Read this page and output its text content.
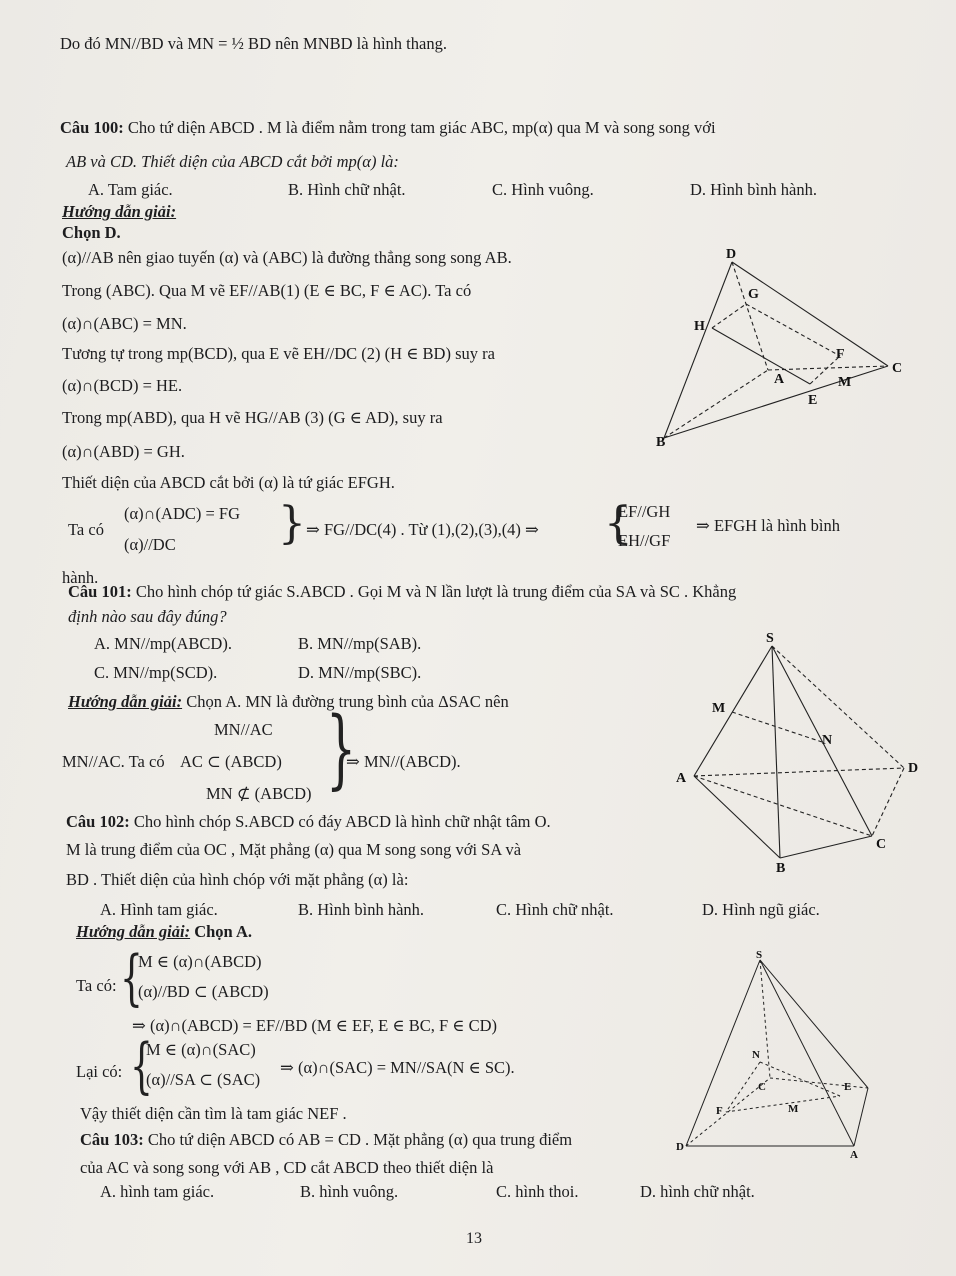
Do đó MN//BD và MN = ½ BD nên MNBD là hình thang.
Câu 100: Cho tứ diện ABCD . M là điểm nằm trong tam giác ABC, mp(α) qua M và song song với
AB và CD. Thiết diện của ABCD cắt bởi mp(α) là:
A. Tam giác.	B. Hình chữ nhật.	C. Hình vuông.	D. Hình bình hành.
Hướng dẫn giải:
Chọn D.
(α)//AB nên giao tuyến (α) và (ABC) là đường thẳng song song AB.
Trong (ABC). Qua M vẽ EF//AB(1) (E ∈ BC, F ∈ AC). Ta có
(α)∩(ABC) = MN.
Tương tự trong mp(BCD), qua E vẽ EH//DC (2) (H ∈ BD) suy ra
(α)∩(BCD) = HE.
Trong mp(ABD), qua H vẽ HG//AB (3) (G ∈ AD), suy ra
(α)∩(ABD) = GH.
Thiết diện của ABCD cắt bởi (α) là tứ giác EFGH.
Ta có
(α)∩(ADC) = FG
(α)//DC } ⇒ FG//DC(4) . Từ (1),(2),(3),(4) ⇒ {
EF//GH
EH//GF
⇒ EFGH là hình bình
hành.
D
G
H
F
A	M
C
E
B
Câu 101: Cho hình chóp tứ giác S.ABCD . Gọi M và N lần lượt là trung điểm của SA và SC . Khẳng
định nào sau đây đúng?
A. MN//mp(ABCD).	B. MN//mp(SAB).
C. MN//mp(SCD).	D. MN//mp(SBC).
Hướng dẫn giải: Chọn A. MN là đường trung bình của ΔSAC nên
MN//AC. Ta có
MN//AC
AC ⊂ (ABCD)
MN ⊄ (ABCD) }
⇒ MN//(ABCD).
S
M
N
A
D
C
B
Câu 102: Cho hình chóp S.ABCD có đáy ABCD là hình chữ nhật tâm O.
M là trung điểm của OC , Mặt phẳng (α) qua M song song với SA và
BD . Thiết diện của hình chóp với mặt phẳng (α) là:
A. Hình tam giác.	B. Hình bình hành.	C. Hình chữ nhật.	D. Hình ngũ giác.
Hướng dẫn giải: Chọn A.
Ta có: {
M ∈ (α)∩(ABCD)
(α)//BD ⊂ (ABCD)
⇒ (α)∩(ABCD) = EF//BD (M ∈ EF, E ∈ BC, F ∈ CD)
Lại có: {
M ∈ (α)∩(SAC)
(α)//SA ⊂ (SAC)
⇒ (α)∩(SAC) = MN//SA(N ∈ SC).
Vậy thiết diện cần tìm là tam giác NEF .
S
N
C	E
F	M
D
A
Câu 103: Cho tứ diện ABCD có AB = CD . Mặt phẳng (α) qua trung điểm
của AC và song song với AB , CD cắt ABCD theo thiết diện là
A. hình tam giác.	B. hình vuông.	C. hình thoi.	D. hình chữ nhật.
13
